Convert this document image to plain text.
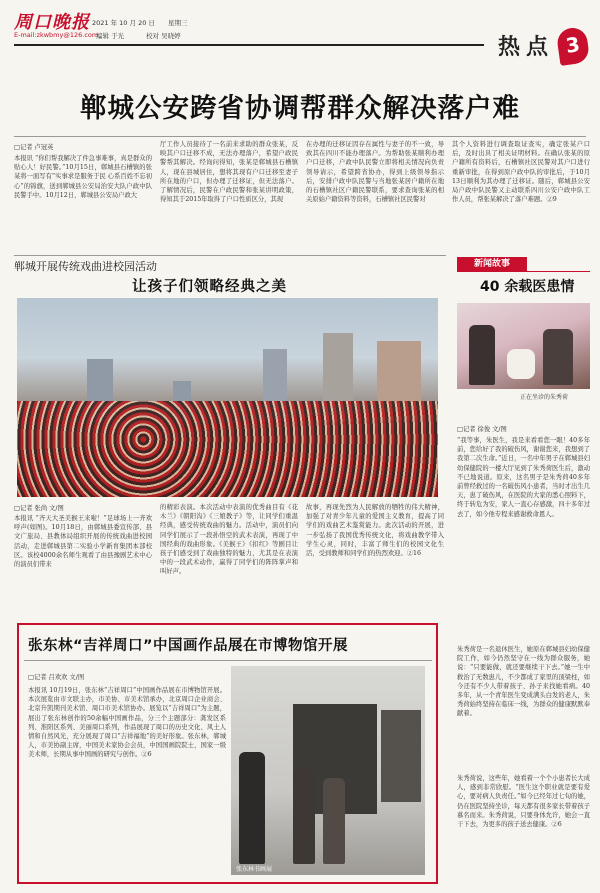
周口晚报 2021 年 10 月 20 日 星期三
E-mail:zkwbmy@126.com
编辑 于光	校对 吴晓婷	热点 3
郸城公安跨省协调帮群众解决落户难
□记者 卢冠英
本报讯 “你们帮我解决了件急事难事，真是群众的贴心人！好民警。”10月15日，郸城县石槽镇的张某将一面写有“实事求是服务于民 心系百姓不忘初心”的锦旗，送到郸城县公安局治安大队户政中队民警手中。10月12日，郸城县公安局户政大
厅工作人员接待了一名前来求助的群众张某，反映其户口迁移不成，无法办理落户，希望户政民警帮其解决。经询问得知，张某是郸城县石槽镇人，现在县城居住，想将其现有户口迁移至妻子所在地的户口，但办理了迁移证，但无法落户。了解情况后，民警在户政民警和张某讲明政策，得知其于2015年取得了户口性质区分，其现
在办理的迁移证因存在属性与妻子的不一致，导致其在四川不能办理落户。为帮助张某顺利办理户口迁移，户政中队民警立即将相关情况向负责领导请示，希望跨省协办，得到上级领导指示后，安排户政中队民警与当地张某居户籍所在地的石槽镇社区户籍民警联系，要求查询张某的相关原始户籍资料等资料，石槽镇社区民警对
其个人资料进行调查取证查实，确定张某户口后，及时出具了相关证明材料。在确认张某的原户籍所有资料后，石槽镇社区民警对其户口进行重新审批，在得到原户政中队的审批后，于10月13日顺利为其办理了迁移证。随后，郸城县公安局户政中队民警又主动联系四川公安户政中队工作人员，帮张某解决了落户难题。②9
郸城开展传统戏曲进校园活动
让孩子们领略经典之美
□记者 张尚 文/图
本报讯 “齐天大圣美猴王来啦！”足球场上一齐欢呼声(如图)。10月18日，由郸城县委宣传部、县文广旅局、县教体局组织开展的传统戏曲进校园活动，走进郸城县第二实验小学新育集团本部校区。该校4000余名师生观看了由县豫剧艺术中心的演员们带来
的精彩表演。本次活动中表演的优秀曲目有《花木兰》《朝阳沟》《三娘教子》等，让同学们重温经典，感受传统戏曲的魅力。活动中，演员们向同学们展示了一段孙悟空的武术表演，再现了中国经典的戏曲形象。《美猴王》《扣红》等剧目让孩子们感受到了戏曲独特的魅力，尤其是在表演中的一段武术动作，赢得了同学们的阵阵掌声和叫好声。
故事，再现先烈为人民解放的牺牲的伟大精神，加强了对青少年儿童的爱国主义教育，提高了同学们的戏曲艺术鉴赏能力。此次活动的开展，进一步弘扬了我国优秀传统文化，将戏曲教学带入学生心灵，同时，丰富了师生们的校园文化生活，受到教师和同学们的热烈欢迎。②16
新闻故事
40 余载医患情
正在坐诊的朱秀荷
□记者 徐俊 文/图
“我等事，朱医生，我是来看看您一眼！40多年前，您给好了我的破伤风，谢谢您来，我想到了我第二次生命。”近日，一名中年男子在郸城县妇幼保健院的一楼大厅见到了朱秀荷医生后，激动不已地说道。原来，这名男子是朱秀荷40多年前曾经救过的一名破伤风小患者，当时才出生几天，患了破伤风，在医院的大家的悉心照料下，终于转危为安，家人一直心存感激，四十多年过去了，如今他专程来感谢救命恩人。
朱秀荷是一名退休医生，她原在郸城县妇幼保健院工作，如今仍然坚守在一线为群众服务，她说：“只要能做，就还要继续干下去。”她一生中救治了无数患儿，不少都成了家里的顶梁柱，如今还有不少人带着孩子、孙子来找她看病。40多年，从一个青年医生变成满头白发的老人，朱秀荷始终坚持在临床一线，为群众的健康默默奉献着。
朱秀荷说，这些年，她看着一个个小患者长大成人，感到非常欣慰。“医生这个职业就是要有爱心，要对病人负责任。”如今已经年过七旬的她，仍在医院坚持坐诊，每天都有很多家长带着孩子慕名而来。朱秀荷说，只要身体允许，她会一直干下去，为更多的孩子送去健康。②6
张东林“吉祥周口”中国画作品展在市博物馆开展
□记者 吕欢欢 文/图
本报讯 10月19日，张东林“吉祥周口”中国画作品展在市博物馆开展。本次展览由市文联主办，市美协、市美术馆承办，北京周口企业商会、北京升凯期刊美术馆、周口市美术馆协办。展览以“吉祥周口”为主题，展出了张东林创作的50余幅中国画作品，分三个主题部分：龚发区系列、淮阳区系列、美丽周口系列，作品展现了周口的历史文化、风土人情和自然风光，充分展现了周口“吉祥福地”的美好形象。张东林，郸城人，市美协副主席，中国美术家协会会员，中国国画院院士，国家一级美术师，长期从事中国画的研究与创作。②6
张东林书画展
